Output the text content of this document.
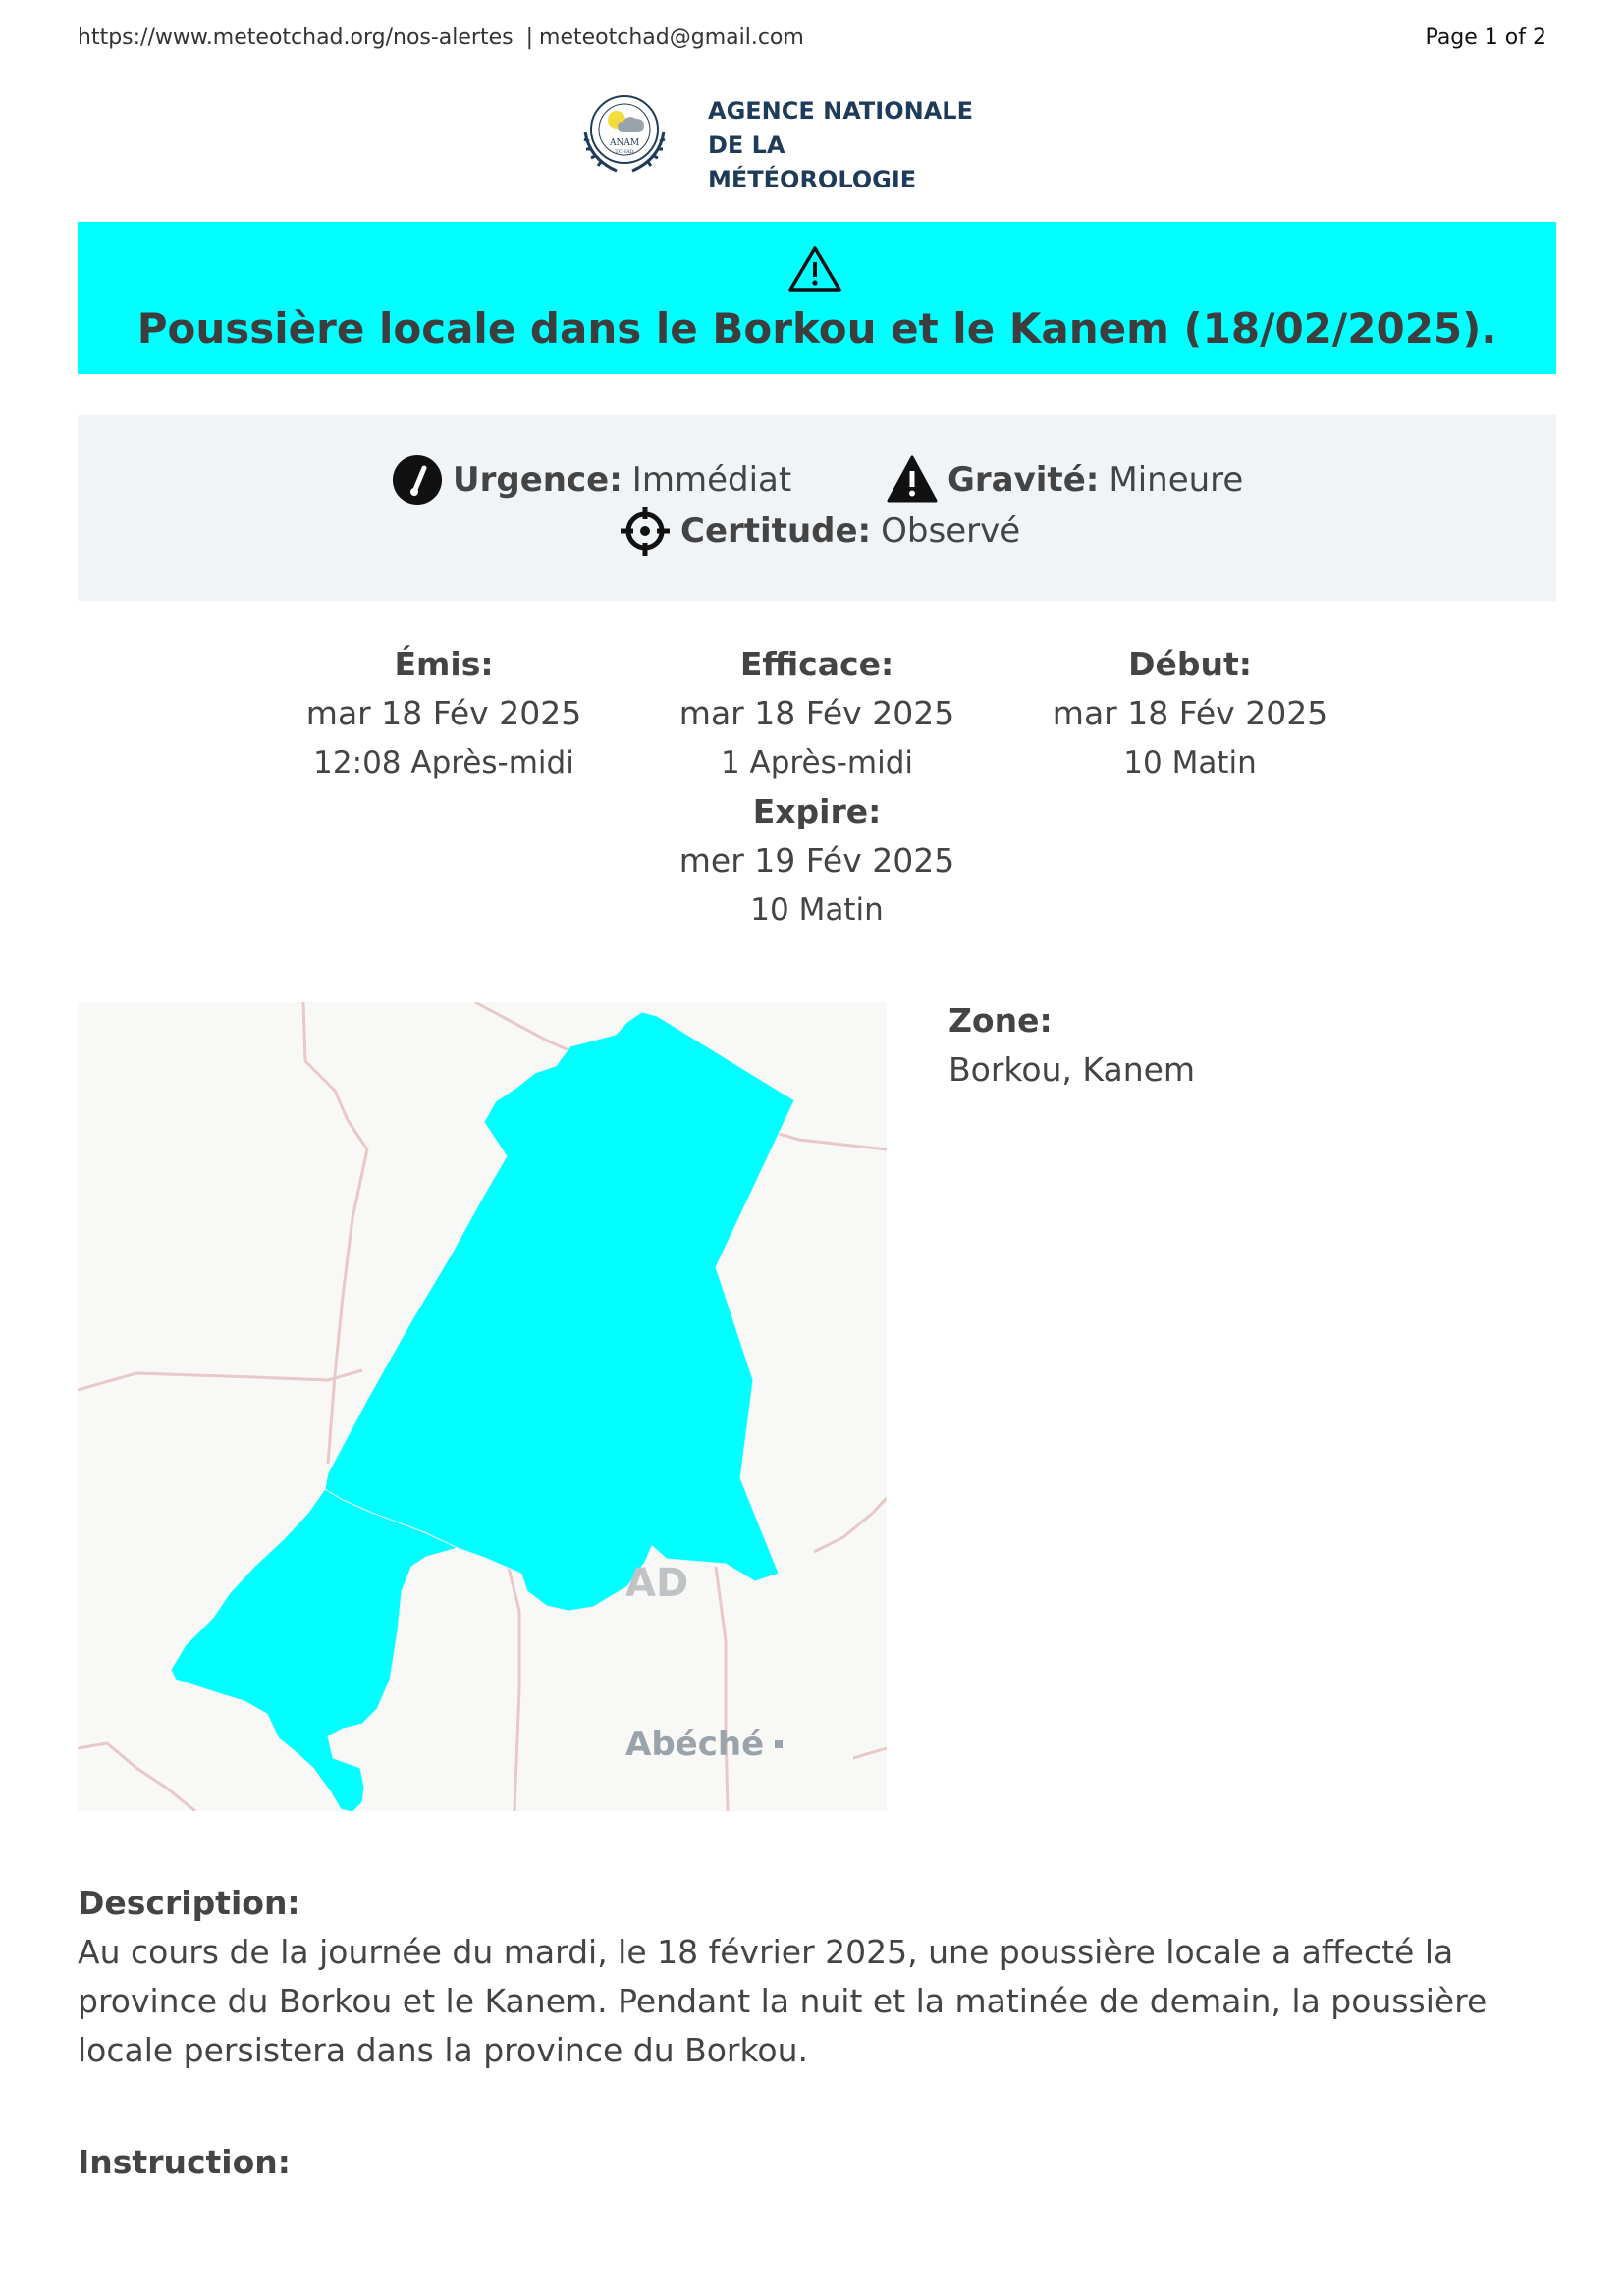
https://www.meteotchad.org/nos-alertes | meteotchad@gmail.com	Page 1 of 2
ANAM
TCHAD
AGENCE NATIONALE
DE LA MÉTÉOROLOGIE
Poussière locale dans le Borkou et le Kanem (18/02/2025).
Urgence: Immédiat	Gravité: Mineure
Certitude: Observé
Émis:
mar 18 Fév 2025
12:08 Après-midi
Efficace:
mar 18 Fév 2025
1 Après-midi
Début:
mar 18 Fév 2025
10 Matin
Expire:
mer 19 Fév 2025
10 Matin
AD
Abéché
Zone:
Borkou, Kanem
Description:
Au cours de la journée du mardi, le 18 février 2025, une poussière locale a affecté la province du Borkou et le Kanem. Pendant la nuit et la matinée de demain, la poussière locale persistera dans la province du Borkou.
Instruction:
